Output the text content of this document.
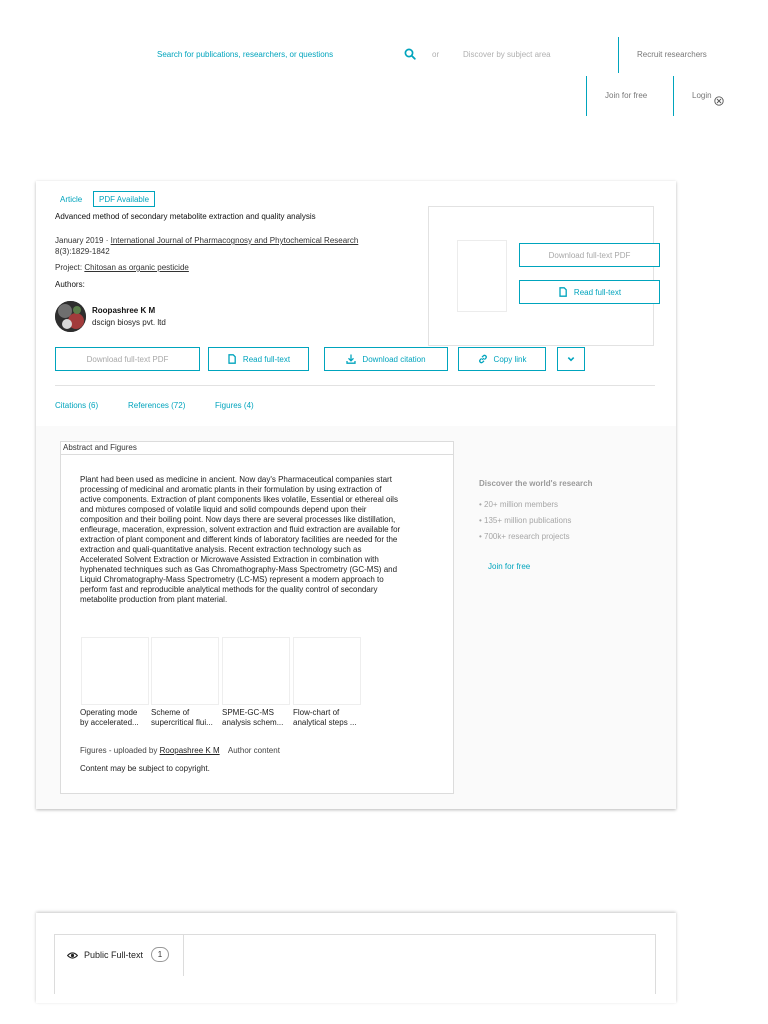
Search for publications, researchers, or questions	or	Discover by subject area	Recruit researchers
Join for free	Login
Article	PDF Available
Advanced method of secondary metabolite extraction and quality analysis
January 2019 · International Journal of Pharmacognosy and Phytochemical Research
8(3):1829-1842
Project: Chitosan as organic pesticide
Authors:
Roopashree K M
dscign biosys pvt. ltd
Download full-text PDF
Read full-text
Download full-text PDF	Read full-text	Download citation	Copy link
Citations (6)	References (72)	Figures (4)
Abstract and Figures
Plant had been used as medicine in ancient. Now day's Pharmaceutical companies start
processing of medicinal and aromatic plants in their formulation by using extraction of
active components. Extraction of plant components likes volatile, Essential or ethereal oils
and mixtures composed of volatile liquid and solid compounds depend upon their
composition and their boiling point. Now days there are several processes like distillation,
enfleurage, maceration, expression, solvent extraction and fluid extraction are available for
extraction of plant component and different kinds of laboratory facilities are needed for the
extraction and quali-quantitative analysis. Recent extraction technology such as
Accelerated Solvent Extraction or Microwave Assisted Extraction in combination with
hyphenated techniques such as Gas Chromathography-Mass Spectrometry (GC-MS) and
Liquid Chromatography-Mass Spectrometry (LC-MS) represent a modern approach to
perform fast and reproducible analytical methods for the quality control of secondary
metabolite production from plant material.
Operating mode
by accelerated...
Scheme of
supercritical flui...
SPME-GC-MS
analysis schem...
Flow-chart of
analytical steps ...
Figures - uploaded by Roopashree K M Author content
Content may be subject to copyright.
Discover the world's research
• 20+ million members
• 135+ million publications
• 700k+ research projects
Join for free
Public Full-text	1
